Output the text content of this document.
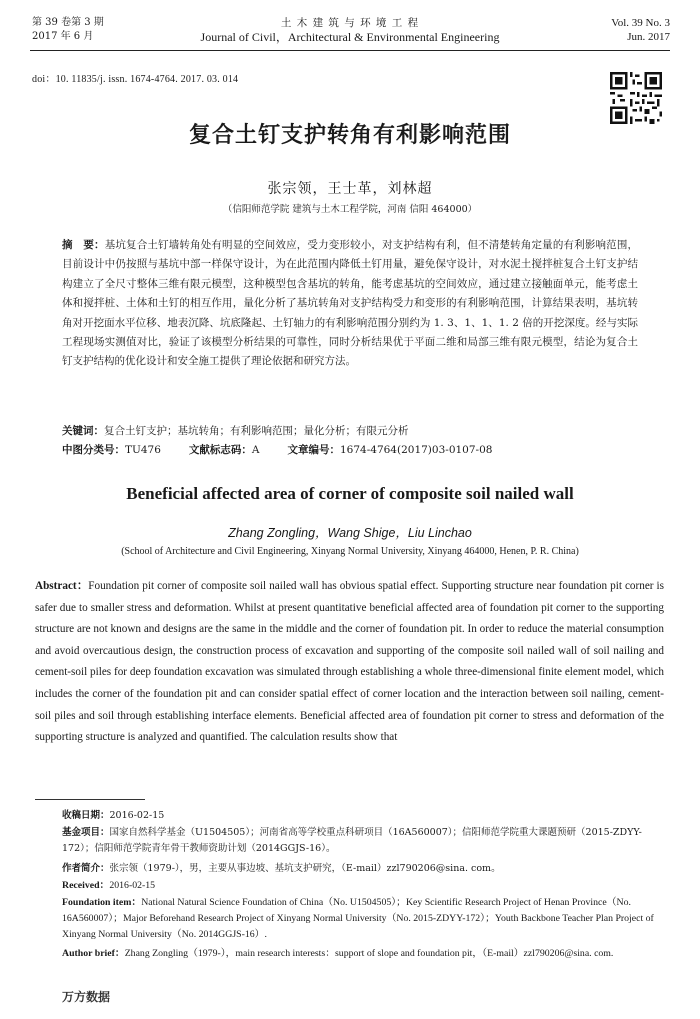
第 39 卷第 3 期
2017 年 6 月
土 木 建 筑 与 环 境 工 程
Journal of Civil，Architectural & Environmental Engineering
Vol. 39 No. 3
Jun. 2017
doi：10. 11835/j. issn. 1674-4764. 2017. 03. 014
复合土钉支护转角有利影响范围
张宗领，王士革，刘林超
（信阳师范学院 建筑与土木工程学院，河南 信阳 464000）
摘　要：基坑复合土钉墙转角处有明显的空间效应，受力变形较小，对支护结构有利，但不清楚转角定量的有利影响范围，目前设计中仍按照与基坑中部一样保守设计，为在此范围内降低土钉用量，避免保守设计，对水泥土搅拌桩复合土钉支护结构建立了全尺寸整体三维有限元模型，这种模型包含基坑的转角，能考虑基坑的空间效应，通过建立接触面单元，能考虑土体和搅拌桩、土体和土钉的相互作用，量化分析了基坑转角对支护结构受力和变形的有利影响范围，计算结果表明，基坑转角对开挖面水平位移、地表沉降、坑底隆起、土钉轴力的有利影响范围分别约为 1. 3、1、1、1. 2 倍的开挖深度。经与实际工程现场实测值对比，验证了该模型分析结果的可靠性，同时分析结果优于平面二维和局部三维有限元模型，结论为复合土钉支护结构的优化设计和安全施工提供了理论依据和研究方法。
关键词：复合土钉支护；基坑转角；有利影响范围；量化分析；有限元分析
中图分类号：TU476	文献标志码：A	文章编号：1674-4764(2017)03-0107-08
Beneficial affected area of corner of composite soil nailed wall
Zhang Zongling，Wang Shige，Liu Linchao
(School of Architecture and Civil Engineering, Xinyang Normal University, Xinyang 464000, Henen, P. R. China)
Abstract：Foundation pit corner of composite soil nailed wall has obvious spatial effect. Supporting structure near foundation pit corner is safer due to smaller stress and deformation. Whilst at present quantitative beneficial affected area of foundation pit corner to the supporting structure are not known and designs are the same in the middle and the corner of foundation pit. In order to reduce the material consumption and avoid overcautious design, the construction process of excavation and supporting of the composite soil nailed wall of soil nailing and cement-soil piles for deep foundation excavation was simulated through establishing a whole three-dimensional finite element model, which includes the corner of the foundation pit and can consider spatial effect of corner location and the interaction between soil nailing, cement-soil piles and soil through establishing interface elements. Beneficial affected area of foundation pit corner to stress and deformation of the supporting structure is analyzed and quantified. The calculation results show that
收稿日期：2016-02-15
基金项目：国家自然科学基金（U1504505）；河南省高等学校重点科研项目（16A560007）；信阳师范学院重大课题预研（2015-ZDYY-172）；信阳师范学院青年骨干教师资助计划（2014GGJS-16）。
作者简介：张宗领（1979-），男，主要从事边坡、基坑支护研究，（E-mail）zzl790206@sina. com。
Received：2016-02-15
Foundation item：National Natural Science Foundation of China（No. U1504505）；Key Scientific Research Project of Henan Province（No. 16A560007）；Major Beforehand Research Project of Xinyang Normal University（No. 2015-ZDYY-172）；Youth Backbone Teacher Plan Project of Xinyang Normal University（No. 2014GGJS-16）.
Author brief：Zhang Zongling（1979-），main research interests：support of slope and foundation pit，（E-mail）zzl790206@sina. com.
万方数据
